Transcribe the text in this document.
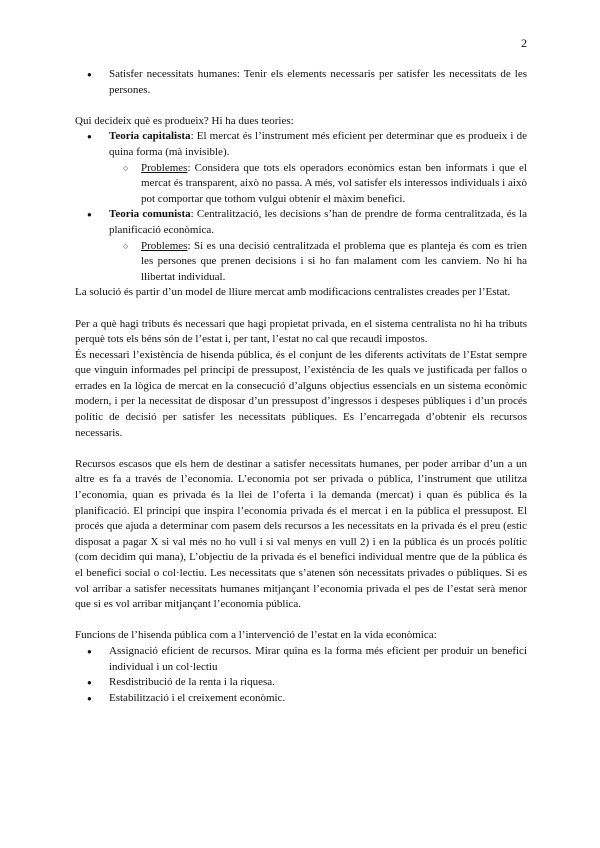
2

● Satisfer necessitats humanes: Tenir els elements necessaris per satisfer les necessitats de les persones.

Qui decideix què es produeix? Hi ha dues teories:

● Teoria capitalista: El mercat és l’instrument més eficient per determinar que es produeix i de quina forma (mà invisible).

○ Problemes: Considera que tots els operadors econòmics estan ben informats i que el mercat és transparent, això no passa. A més, vol satisfer els interessos individuals i això pot comportar que tothom vulgui obtenir el màxim benefici.

● Teoria comunista: Centralització, les decisions s’han de prendre de forma centralitzada, és la planificació econòmica.

○ Problemes: Si es una decisió centralitzada el problema que es planteja és com es trien les persones que prenen decisions i si ho fan malament com les canviem. No hi ha llibertat individual.

La solució és partir d’un model de lliure mercat amb modificacions centralistes creades per l’Estat.

Per a què hagi tributs és necessari que hagi propietat privada, en el sistema centralista no hi ha tributs perquè tots els béns són de l’estat i, per tant, l’estat no cal que recaudi impostos.

És necessari l’existència de hisenda pública, és el conjunt de les diferents activitats de l’Estat sempre que vinguin informades pel principi de pressupost, l’existència de les quals ve justificada per fallos o errades en la lògica de mercat en la consecució d’alguns objectius essencials en un sistema econòmic modern, i per la necessitat de disposar d’un pressupost d’ingressos i despeses públiques i d’un procés polític de decisió per satisfer les necessitats públiques. Es l’encarregada d’obtenir els recursos necessaris.

Recursos escasos que els hem de destinar a satisfer necessitats humanes, per poder arribar d’un a un altre es fa a través de l’economia. L’economia pot ser privada o pública, l’instrument que utilitza l’economia, quan es privada és la llei de l’oferta i la demanda (mercat) i quan és pública és la planificació. El principi que inspira l’economia privada és el mercat i en la pública el pressupost. El procés que ajuda a determinar com pasem dels recursos a les necessitats en la privada és el preu (estic disposat a pagar X si val més no ho vull i si val menys en vull 2) i en la pública és un procés polític (com decidim qui mana), L’objectiu de la privada és el benefici individual mentre que de la pública és el benefici social o col·lectiu. Les necessitats que s’atenen són necessitats privades o públiques. Si es vol arribar a satisfer necessitats humanes mitjançant l’economia privada el pes de l’estat serà menor que si es vol arribar mitjançant l’economia pública.

Funcions de l’hisenda pública com a l’intervenció de l’estat en la vida econòmica:

● Assignació eficient de recursos. Mirar quina es la forma més eficient per produir un benefici individual i un col·lectiu

● Resdistribució de la renta i la riquesa.

● Estabilització i el creixement econòmic.
